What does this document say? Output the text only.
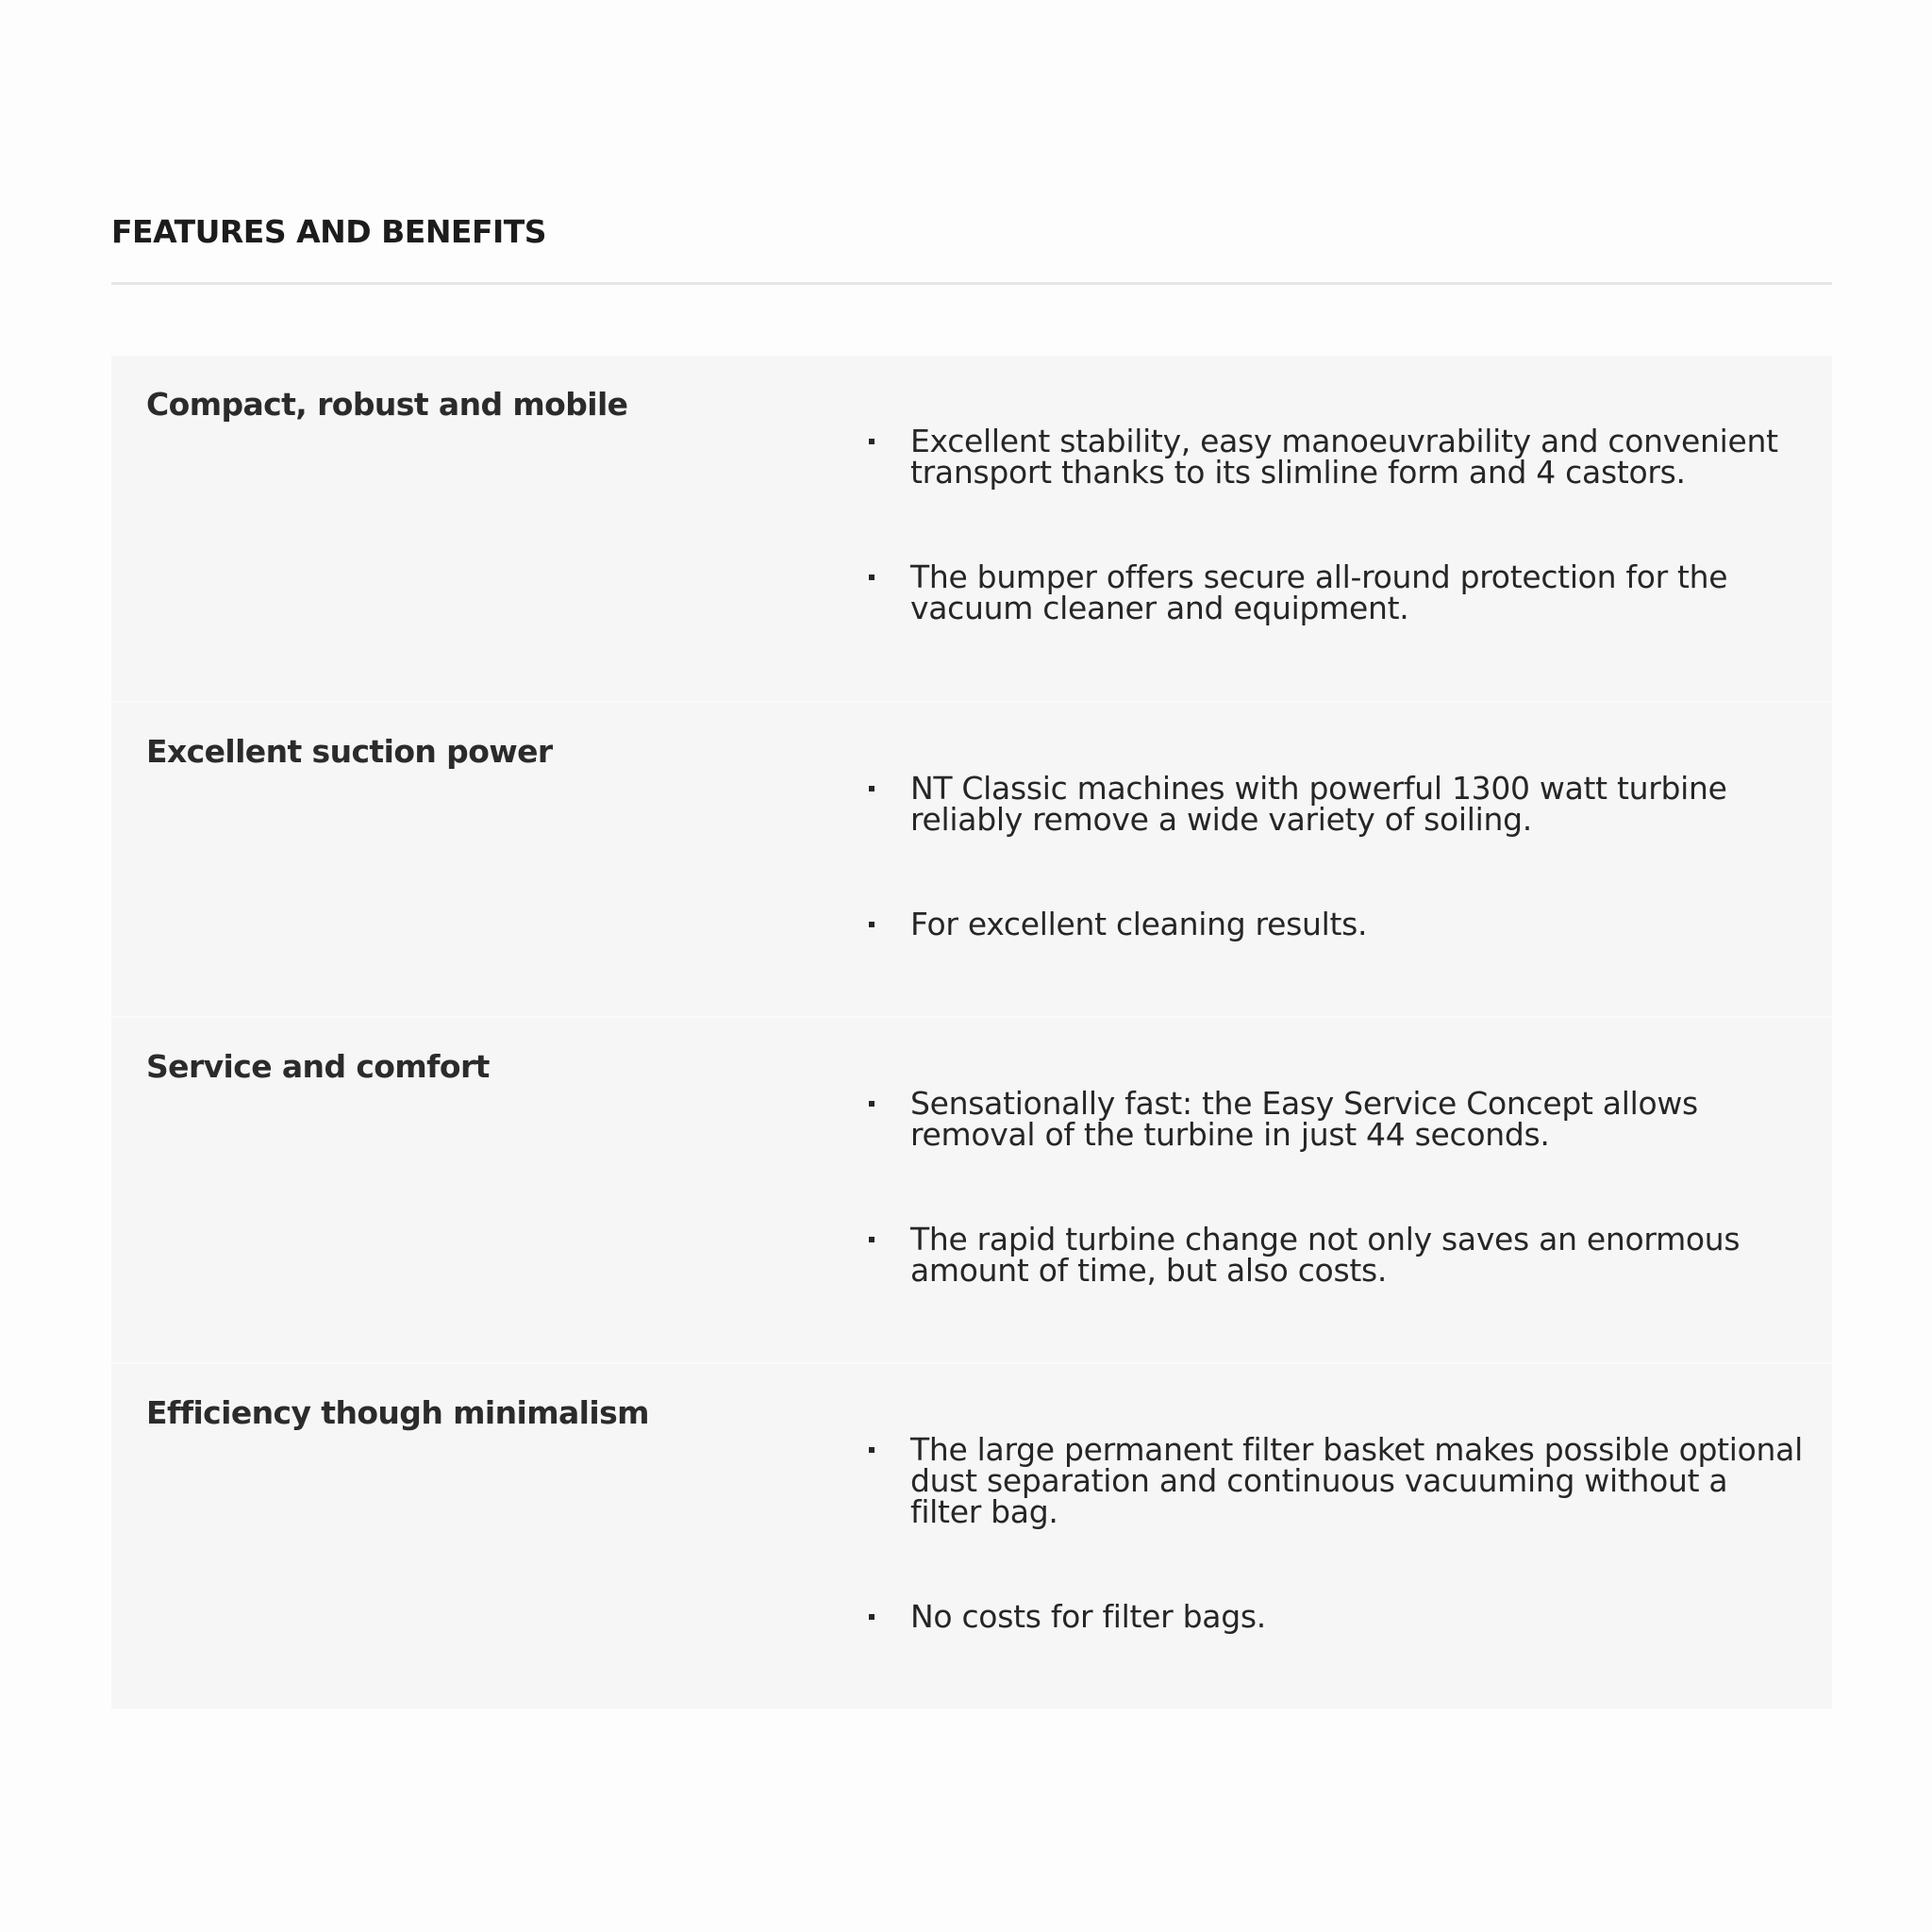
FEATURES AND BENEFITS
Compact, robust and mobile
Excellent stability, easy manoeuvrability and convenient transport thanks to its slimline form and 4 castors.
The bumper offers secure all-round protection for the vacuum cleaner and equipment.
Excellent suction power
NT Classic machines with powerful 1300 watt turbine reliably remove a wide variety of soiling.
For excellent cleaning results.
Service and comfort
Sensationally fast: the Easy Service Concept allows removal of the turbine in just 44 seconds.
The rapid turbine change not only saves an enormous amount of time, but also costs.
Efficiency though minimalism
The large permanent filter basket makes possible optional dust separation and continuous vacuuming without a filter bag.
No costs for filter bags.
